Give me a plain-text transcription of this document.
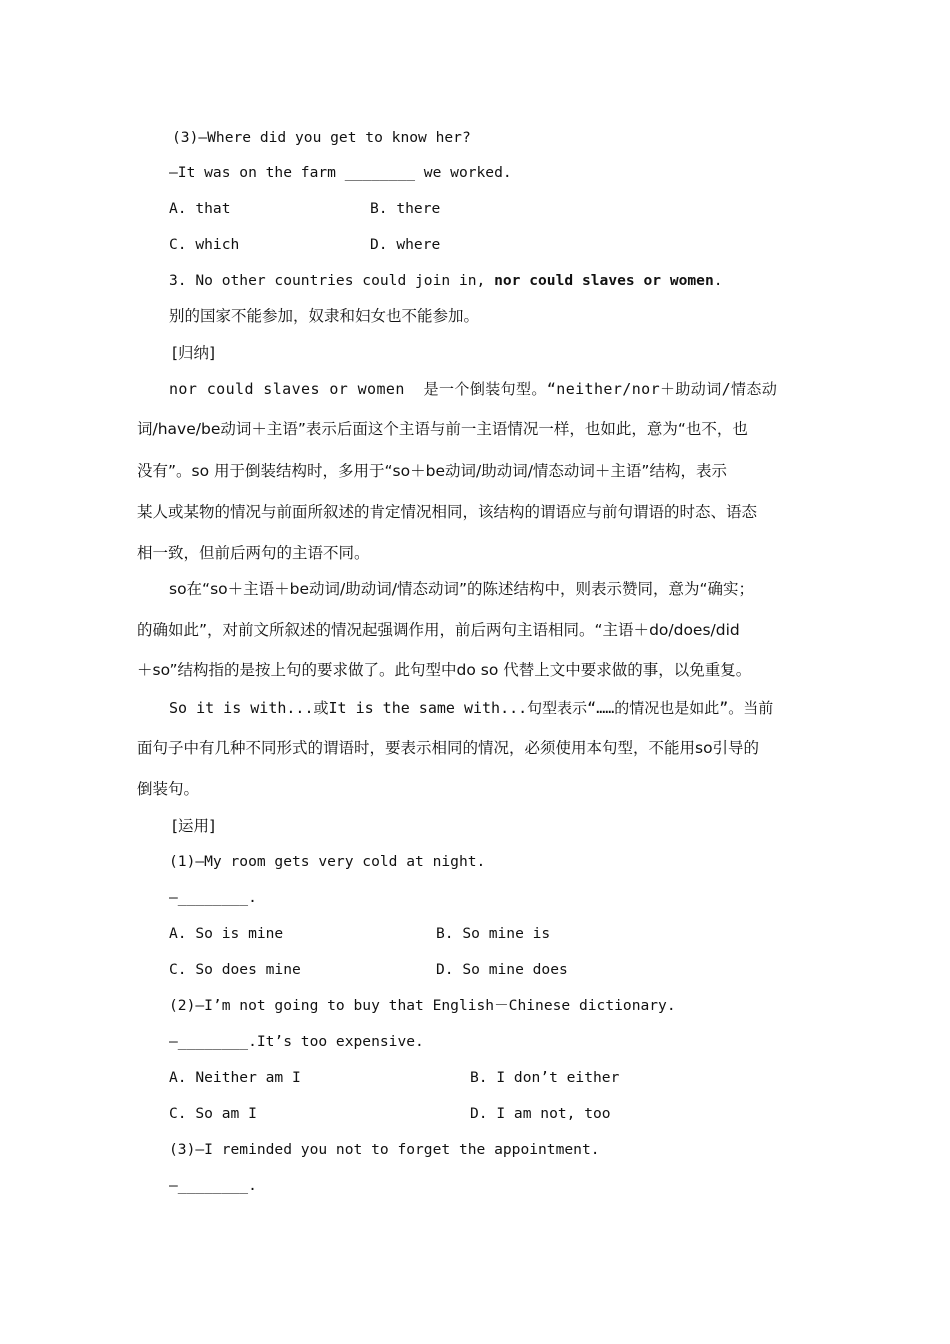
(3)—Where did you get to know her?
—It was on the farm ________ we worked.
A. that	B. there
C. which	D. where
3. No other countries could join in, nor could slaves or women.
别的国家不能参加，奴隶和妇女也不能参加。
[归纳]
nor could slaves or women  是一个倒装句型。“neither/nor＋助动词/情态动
词/have/be动词＋主语”表示后面这个主语与前一主语情况一样，也如此，意为“也不，也
没有”。so 用于倒装结构时，多用于“so＋be动词/助动词/情态动词＋主语”结构，表示
某人或某物的情况与前面所叙述的肯定情况相同，该结构的谓语应与前句谓语的时态、语态
相一致，但前后两句的主语不同。
so在“so＋主语＋be动词/助动词/情态动词”的陈述结构中，则表示赞同，意为“确实；
的确如此”，对前文所叙述的情况起强调作用，前后两句主语相同。“主语＋do/does/did
＋so”结构指的是按上句的要求做了。此句型中do so 代替上文中要求做的事，以免重复。
So it is with...或It is the same with...句型表示“……的情况也是如此”。当前
面句子中有几种不同形式的谓语时，要表示相同的情况，必须使用本句型，不能用so引导的
倒装句。
[运用]
(1)—My room gets very cold at night.
—________.
A. So is mine	B. So mine is
C. So does mine	D. So mine does
(2)—I’m not going to buy that English－Chinese dictionary.
—________.It’s too expensive.
A. Neither am I	B. I don’t either
C. So am I	D. I am not, too
(3)—I reminded you not to forget the appointment.
—________.
